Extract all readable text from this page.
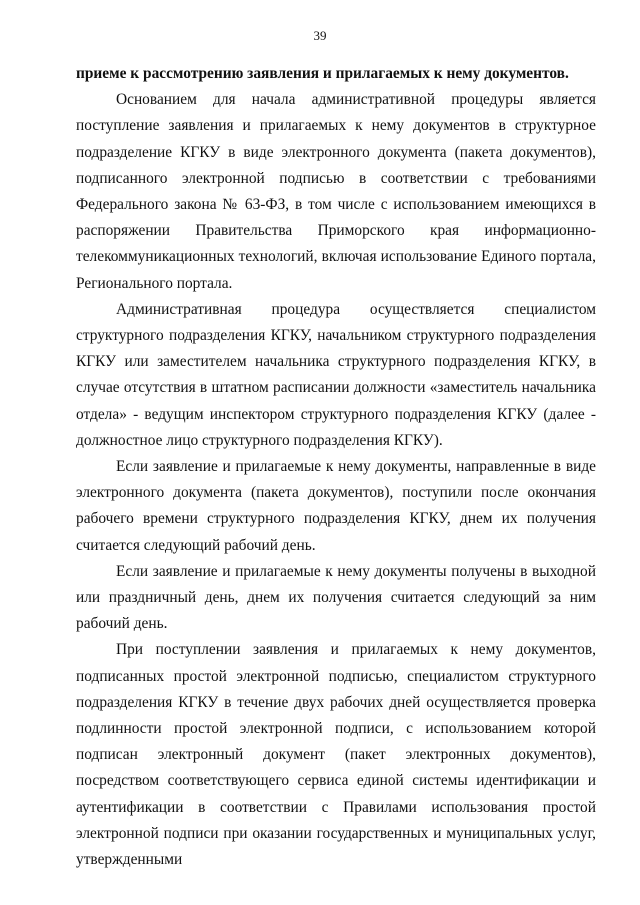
39

приеме к рассмотрению заявления и прилагаемых к нему документов.

Основанием для начала административной процедуры является поступление заявления и прилагаемых к нему документов в структурное подразделение КГКУ в виде электронного документа (пакета документов), подписанного электронной подписью в соответствии с требованиями Федерального закона № 63-ФЗ, в том числе с использованием имеющихся в распоряжении Правительства Приморского края информационно-телекоммуникационных технологий, включая использование Единого портала, Регионального портала.

Административная процедура осуществляется специалистом структурного подразделения КГКУ, начальником структурного подразделения КГКУ или заместителем начальника структурного подразделения КГКУ, в случае отсутствия в штатном расписании должности «заместитель начальника отдела» - ведущим инспектором структурного подразделения КГКУ (далее - должностное лицо структурного подразделения КГКУ).

Если заявление и прилагаемые к нему документы, направленные в виде электронного документа (пакета документов), поступили после окончания рабочего времени структурного подразделения КГКУ, днем их получения считается следующий рабочий день.

Если заявление и прилагаемые к нему документы получены в выходной или праздничный день, днем их получения считается следующий за ним рабочий день.

При поступлении заявления и прилагаемых к нему документов, подписанных простой электронной подписью, специалистом структурного подразделения КГКУ в течение двух рабочих дней осуществляется проверка подлинности простой электронной подписи, с использованием которой подписан электронный документ (пакет электронных документов), посредством соответствующего сервиса единой системы идентификации и аутентификации в соответствии с Правилами использования простой электронной подписи при оказании государственных и муниципальных услуг, утвержденными
